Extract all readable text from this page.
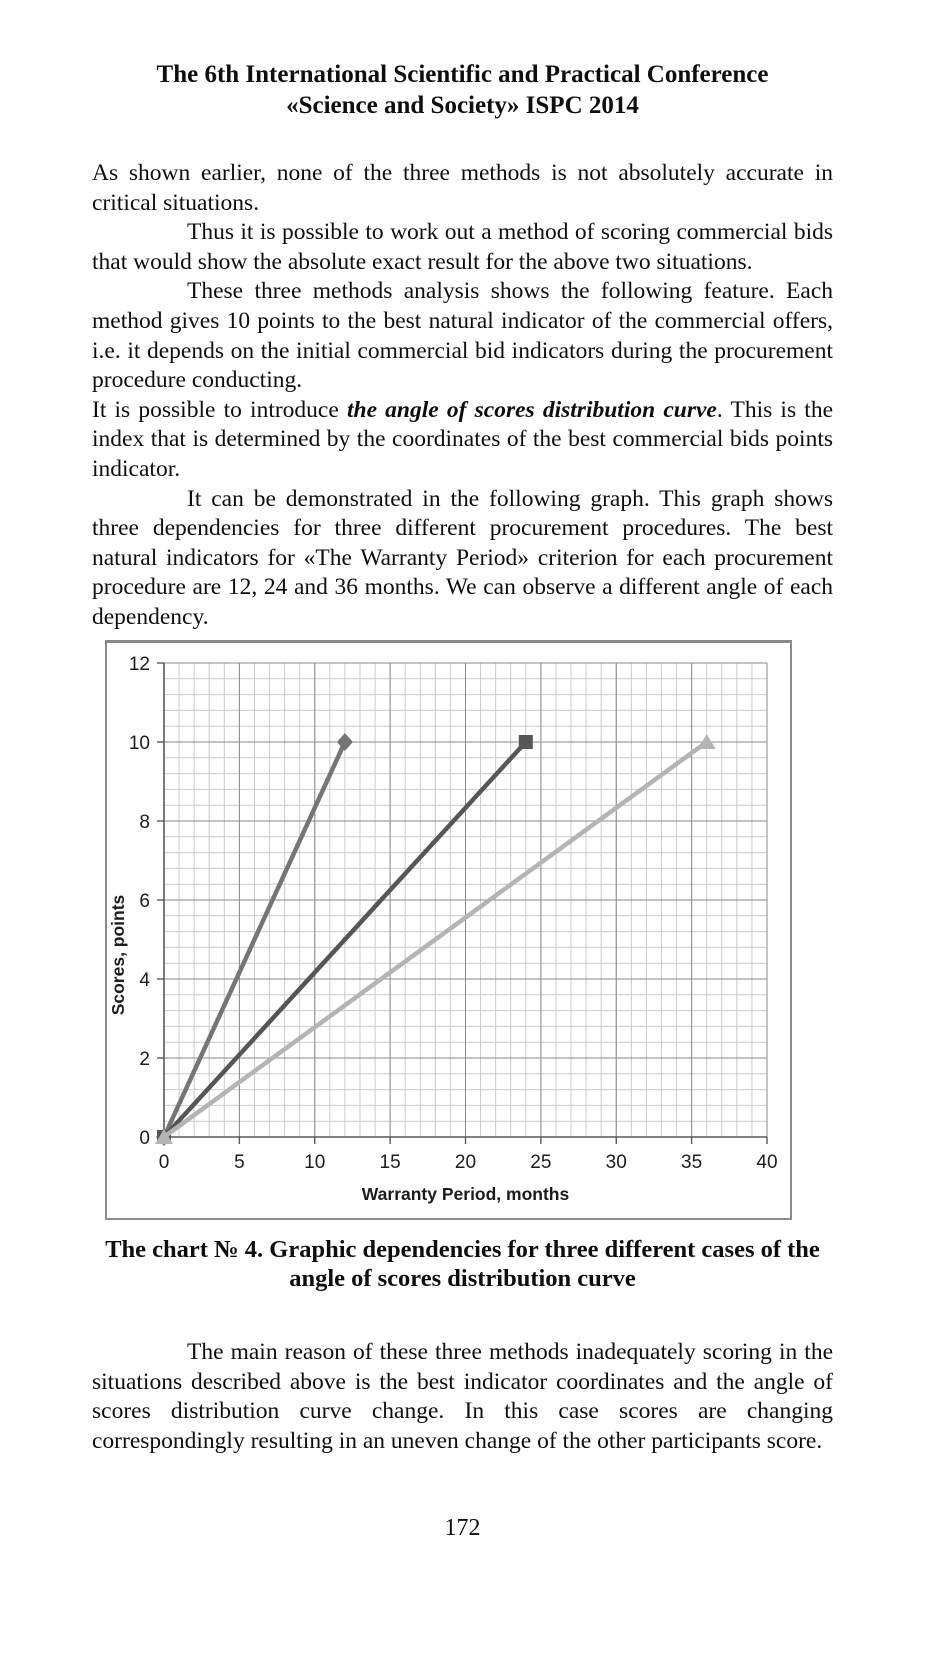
The 6th International Scientific and Practical Conference
«Science and Society» ISPC 2014

As shown earlier, none of the three methods is not absolutely accurate in critical situations.

Thus it is possible to work out a method of scoring commercial bids that would show the absolute exact result for the above two situations.

These three methods analysis shows the following feature. Each method gives 10 points to the best natural indicator of the commercial offers, i.e. it depends on the initial commercial bid indicators during the procurement procedure conducting.

It is possible to introduce the angle of scores distribution curve. This is the index that is determined by the coordinates of the best commercial bids points indicator.

It can be demonstrated in the following graph. This graph shows three dependencies for three different procurement procedures. The best natural indicators for «The Warranty Period» criterion for each procurement procedure are 12, 24 and 36 months. We can observe a different angle of each dependency.

0	5	10	15	20	25	30	35	40
0
2
4
6
8
10
12
Warranty Period, months
Scores, points

The chart № 4. Graphic dependencies for three different cases of the angle of scores distribution curve

The main reason of these three methods inadequately scoring in the situations described above is the best indicator coordinates and the angle of scores distribution curve change. In this case scores are changing correspondingly resulting in an uneven change of the other participants score.

172
